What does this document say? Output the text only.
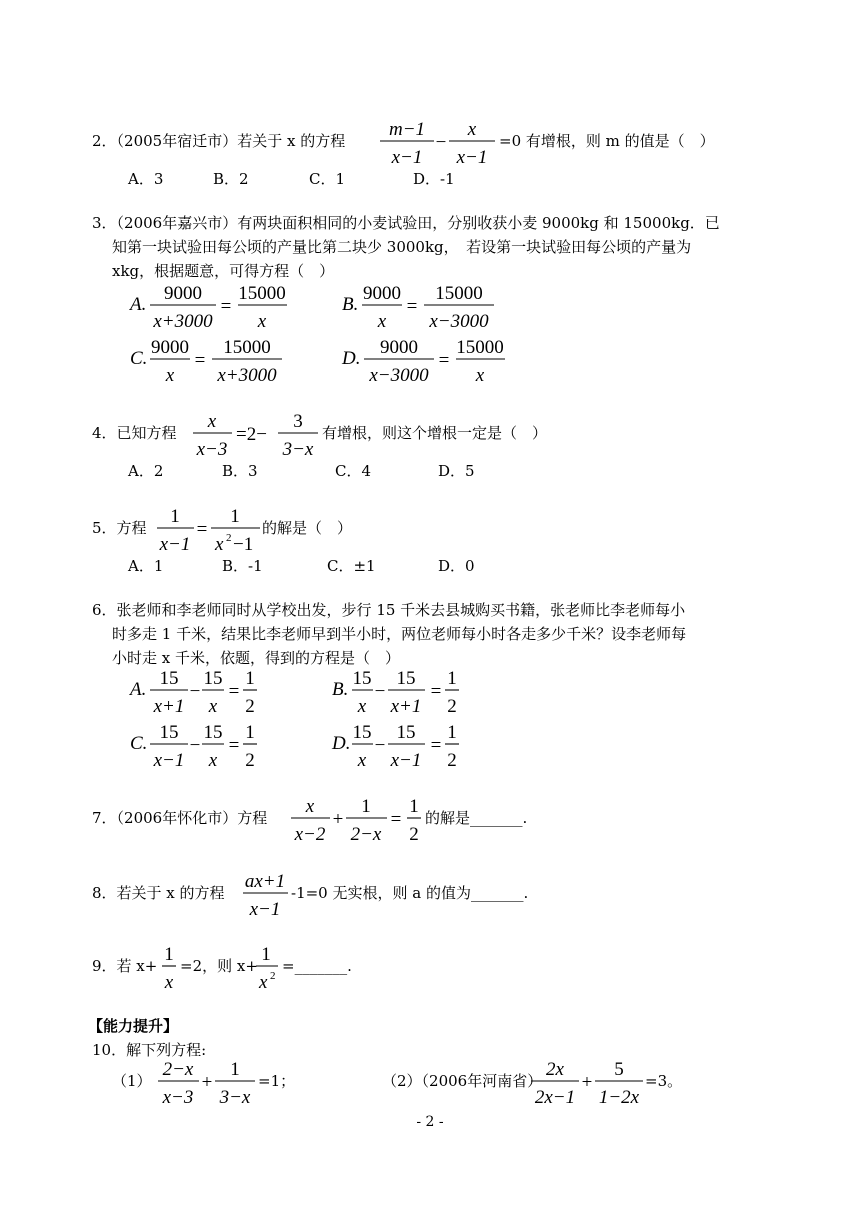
2．（2005年宿迁市）若关于 x 的方程
m−1
x−1
−
x
x−1
=0 有增根，则 m 的值是（　）
A．3	B．2	C．1	D．-1
3．（2006年嘉兴市）有两块面积相同的小麦试验田，分别收获小麦 9000kg 和 15000kg．已
知第一块试验田每公顷的产量比第二块少 3000kg，　若设第一块试验田每公顷的产量为
xkg，根据题意，可得方程（　）
A.
9000
x+3000
=
15000
x
B.
9000
x
=
15000
x−3000
C.
9000
x
=
15000
x+3000
D.
9000
x−3000
=
15000
x
4．已知方程
x
x−3
=2−
3
3−x
有增根，则这个增根一定是（　）
A．2	B．3	C．4	D．5
5．方程
1
x−1
=
1
x 2 −1
的解是（　）
A．1	B．-1	C．±1	D．0
6．张老师和李老师同时从学校出发，步行 15 千米去县城购买书籍，张老师比李老师每小
时多走 1 千米，结果比李老师早到半小时，两位老师每小时各走多少千米？设李老师每
小时走 x 千米，依题，得到的方程是（　）
A.
15
x+1
−
15
x
=
1
2
B.
15
x
−
15
x+1
=
1
2
C.
15
x−1
−
15
x
=
1
2
D.
15
x
−
15
x−1
=
1
2
7．（2006年怀化市）方程
x
x−2
+
1
2−x
=
1
2
的解是_______.
8．若关于 x 的方程
ax+1
x−1
-1=0 无实根，则 a 的值为_______.
9．若 x+
1
x
=2，则 x+
1
x 2
=_______.
【能力提升】
10．解下列方程:
（1）
2−x
x−3
+
1
3−x
=1；	（2）（2006年河南省）
2x
2x−1
+
5
1−2x
=3。
- 2 -
